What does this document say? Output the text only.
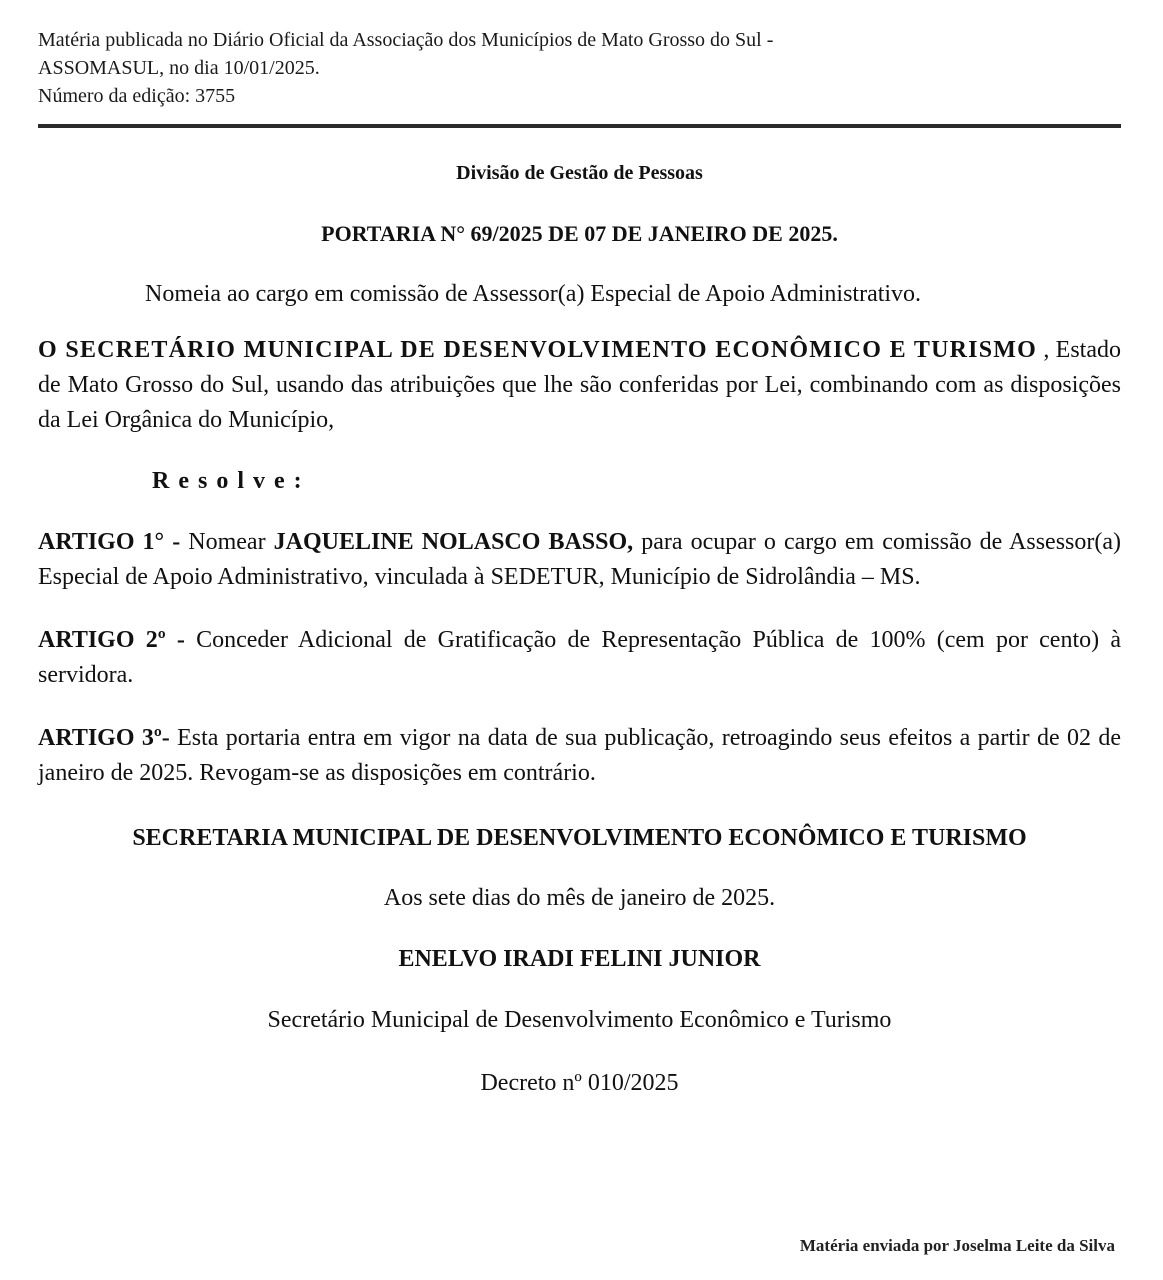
Matéria publicada no Diário Oficial da Associação dos Municípios de Mato Grosso do Sul -
ASSOMASUL, no dia 10/01/2025.
Número da edição: 3755
Divisão de Gestão de Pessoas
PORTARIA N° 69/2025 DE 07 DE JANEIRO DE 2025.
Nomeia ao cargo em comissão de Assessor(a) Especial de Apoio Administrativo.
O SECRETÁRIO MUNICIPAL DE DESENVOLVIMENTO ECONÔMICO E TURISMO , Estado de Mato Grosso do Sul, usando das atribuições que lhe são conferidas por Lei, combinando com as disposições da Lei Orgânica do Município,
Resolve:
ARTIGO 1° - Nomear JAQUELINE NOLASCO BASSO, para ocupar o cargo em comissão de Assessor(a) Especial de Apoio Administrativo, vinculada à SEDETUR, Município de Sidrolândia – MS.
ARTIGO 2º - Conceder Adicional de Gratificação de Representação Pública de 100% (cem por cento) à servidora.
ARTIGO 3º- Esta portaria entra em vigor na data de sua publicação, retroagindo seus efeitos a partir de 02 de janeiro de 2025. Revogam-se as disposições em contrário.
SECRETARIA MUNICIPAL DE DESENVOLVIMENTO ECONÔMICO E TURISMO
Aos sete dias do mês de janeiro de 2025.
ENELVO IRADI FELINI JUNIOR
Secretário Municipal de Desenvolvimento Econômico e Turismo
Decreto nº 010/2025
Matéria enviada por Joselma Leite da Silva
